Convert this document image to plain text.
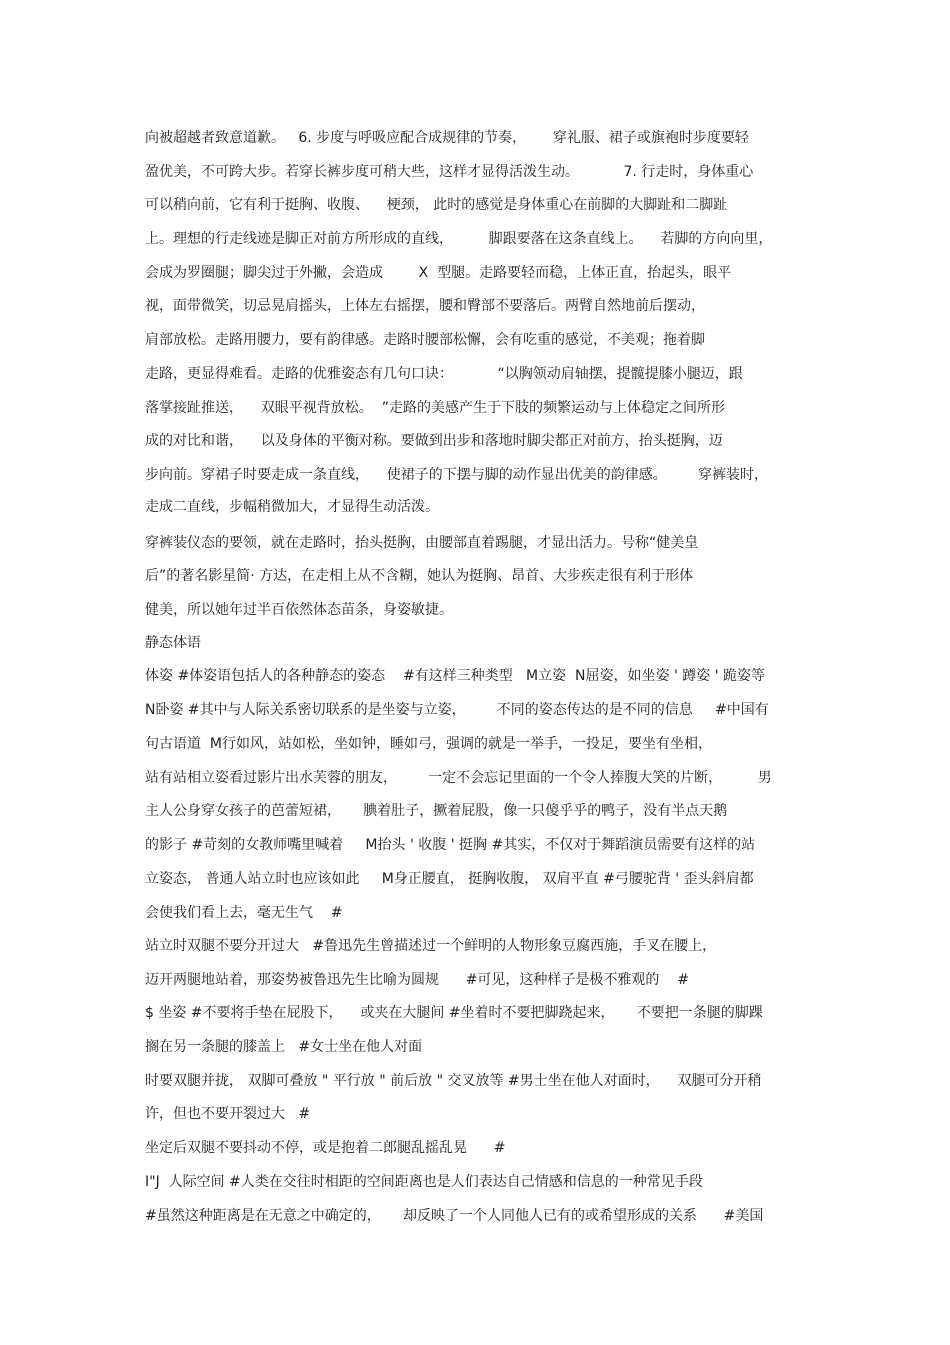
向被超越者致意道歉。   6. 步度与呼吸应配合成规律的节奏，      穿礼服、裙子或旗袍时步度要轻
盈优美，不可跨大步。若穿长裤步度可稍大些，这样才显得活泼生动。          7. 行走时，身体重心
可以稍向前，它有利于挺胸、收腹、    梗颈， 此时的感觉是身体重心在前脚的大脚趾和二脚趾
上。理想的行走线迹是脚正对前方所形成的直线，        脚跟要落在这条直线上。    若脚的方向向里，
会成为罗圈腿；脚尖过于外撇，会造成        X  型腿。走路要轻而稳，上体正直，抬起头，眼平
视，面带微笑，切忌晃肩摇头，上体左右摇摆，腰和臀部不要落后。两臂自然地前后摆动，
肩部放松。走路用腰力，要有韵律感。走路时腰部松懈，会有吃重的感觉，不美观；拖着脚
走路，更显得难看。走路的优雅姿态有几句口诀：          “以胸领动肩轴摆，提髋提膝小腿迈，跟
落掌接趾推送，    双眼平视背放松。  ”走路的美感产生于下肢的频繁运动与上体稳定之间所形
成的对比和谐，    以及身体的平衡对称。要做到出步和落地时脚尖都正对前方，抬头挺胸，迈
步向前。穿裙子时要走成一条直线，    使裙子的下摆与脚的动作显出优美的韵律感。       穿裤装时，
走成二直线，步幅稍微加大，才显得生动活泼。
穿裤装仪态的要领，就在走路时，抬头挺胸，由腰部直着踢腿，才显出活力。号称“健美皇
后”的著名影星简· 方达，在走相上从不含糊，她认为挺胸、昂首、大步疾走很有利于形体
健美，所以她年过半百依然体态苗条，身姿敏捷。
静态体语
体姿 #体姿语包括人的各种静态的姿态    #有这样三种类型   M立姿  N屈姿，如坐姿 ' 蹲姿 ' 跪姿等
N卧姿 #其中与人际关系密切联系的是坐姿与立姿，       不同的姿态传达的是不同的信息     #中国有
句古语道  M行如风，站如松，坐如钟，睡如弓，强调的就是一举手，一投足，要坐有坐相，
站有站相立姿看过影片出水芙蓉的朋友，       一定不会忘记里面的一个令人捧腹大笑的片断，        男
主人公身穿女孩子的芭蕾短裙，     腆着肚子，撅着屁股，像一只傻乎乎的鸭子，没有半点天鹅
的影子 #苛刻的女教师嘴里喊着     M抬头 ' 收腹 ' 挺胸 #其实，不仅对于舞蹈演员需要有这样的站
立姿态， 普通人站立时也应该如此     M身正腰直， 挺胸收腹， 双肩平直 #弓腰驼背 ' 歪头斜肩都
会使我们看上去，毫无生气    #
站立时双腿不要分开过大   #鲁迅先生曾描述过一个鲜明的人物形象豆腐西施，手叉在腰上，
迈开两腿地站着，那姿势被鲁迅先生比喻为圆规      #可见，这种样子是极不雅观的    #
$ 坐姿 #不要将手垫在屁股下，    或夹在大腿间 #坐着时不要把脚跷起来，     不要把一条腿的脚踝
搁在另一条腿的膝盖上   #女士坐在他人对面
时要双腿并拢， 双脚可叠放 " 平行放 " 前后放 " 交叉放等 #男士坐在他人对面时，    双腿可分开稍
许，但也不要开裂过大   #
坐定后双腿不要抖动不停，或是抱着二郎腿乱摇乱晃      #
I"J  人际空间 #人类在交往时相距的空间距离也是人们表达自己情感和信息的一种常见手段
#虽然这种距离是在无意之中确定的，     却反映了一个人同他人已有的或希望形成的关系      #美国
